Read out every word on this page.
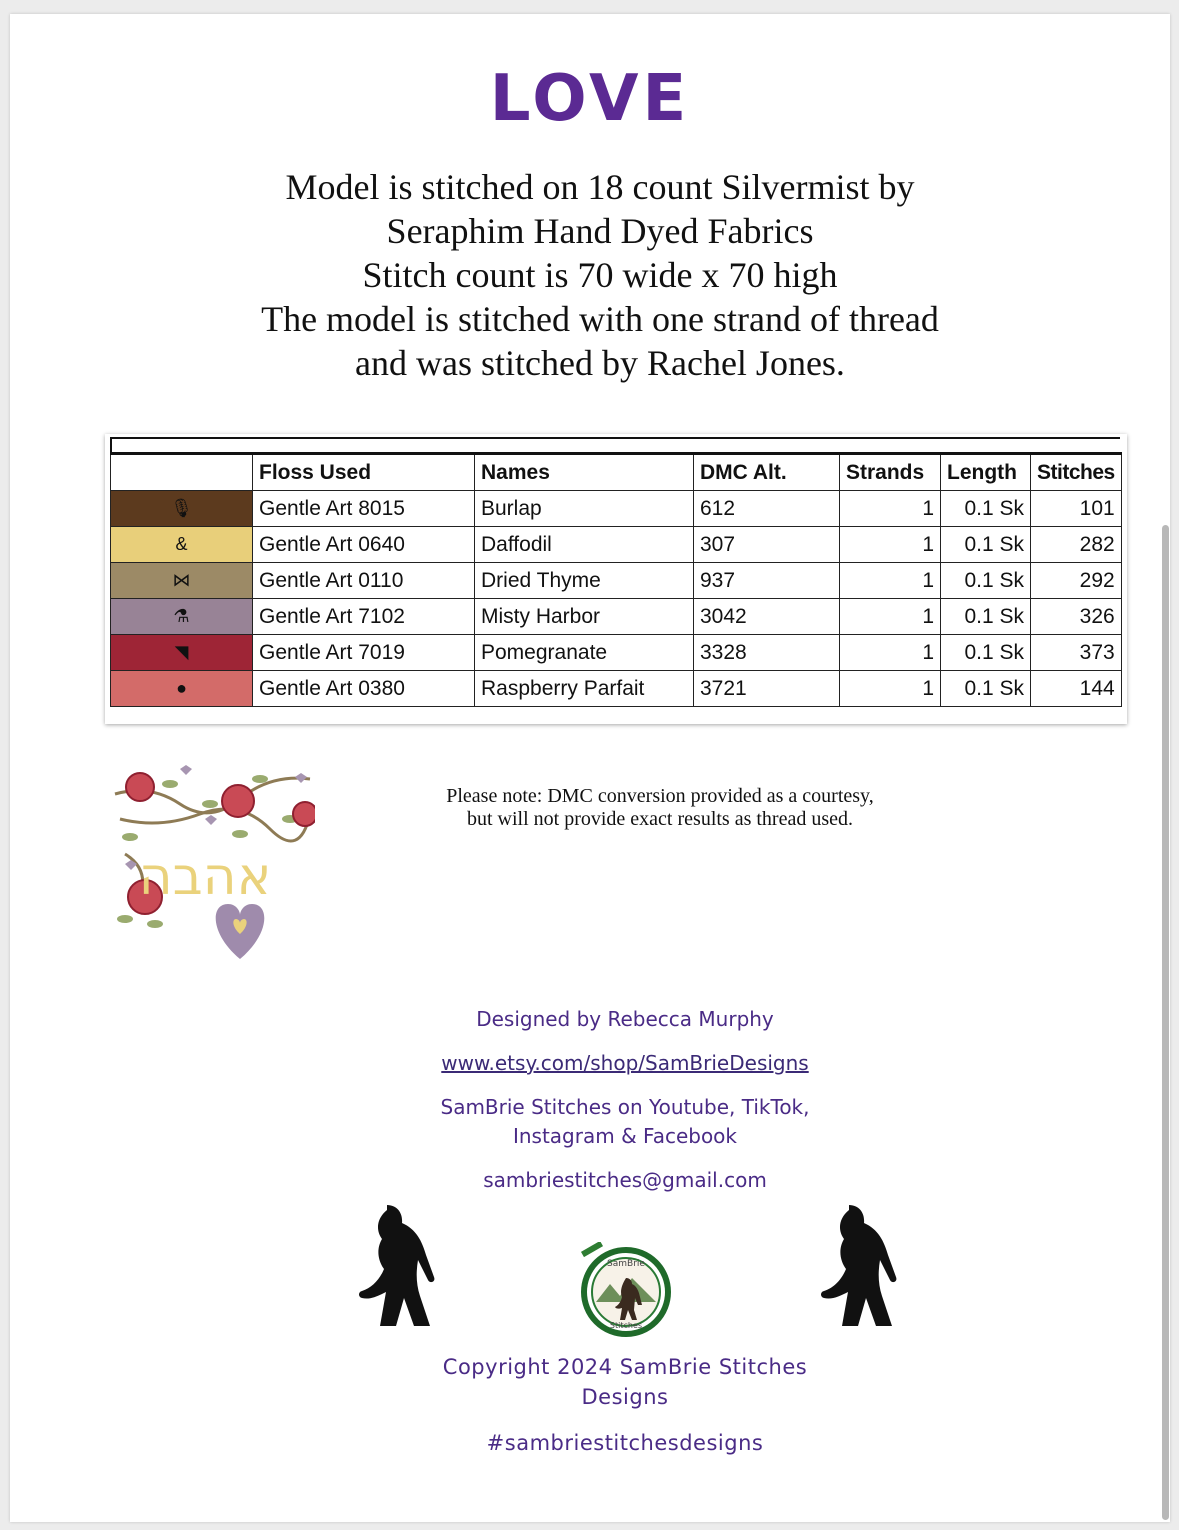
LOVE
Model is stitched on 18 count Silvermist by
Seraphim Hand Dyed Fabrics
Stitch count is 70 wide x 70 high
The model is stitched with one strand of thread
and was stitched by Rachel Jones.
	Floss Used	Names	DMC Alt.	Strands	Length	Stitches
🎙	Gentle Art 8015	Burlap	612	1	0.1 Sk	101
&	Gentle Art 0640	Daffodil	307	1	0.1 Sk	282
⋈	Gentle Art 0110	Dried Thyme	937	1	0.1 Sk	292
⚗	Gentle Art 7102	Misty Harbor	3042	1	0.1 Sk	326
◥	Gentle Art 7019	Pomegranate	3328	1	0.1 Sk	373
●	Gentle Art 0380	Raspberry Parfait	3721	1	0.1 Sk	144
אהבה
Please note: DMC conversion provided as a courtesy,
but will not provide exact results as thread used.
Designed by Rebecca Murphy
www.etsy.com/shop/SamBrieDesigns
SamBrie Stitches on Youtube, TikTok,
Instagram & Facebook
sambriestitches@gmail.com
SamBrie
Stitches
Copyright 2024 SamBrie Stitches
Designs
#sambriestitchesdesigns
